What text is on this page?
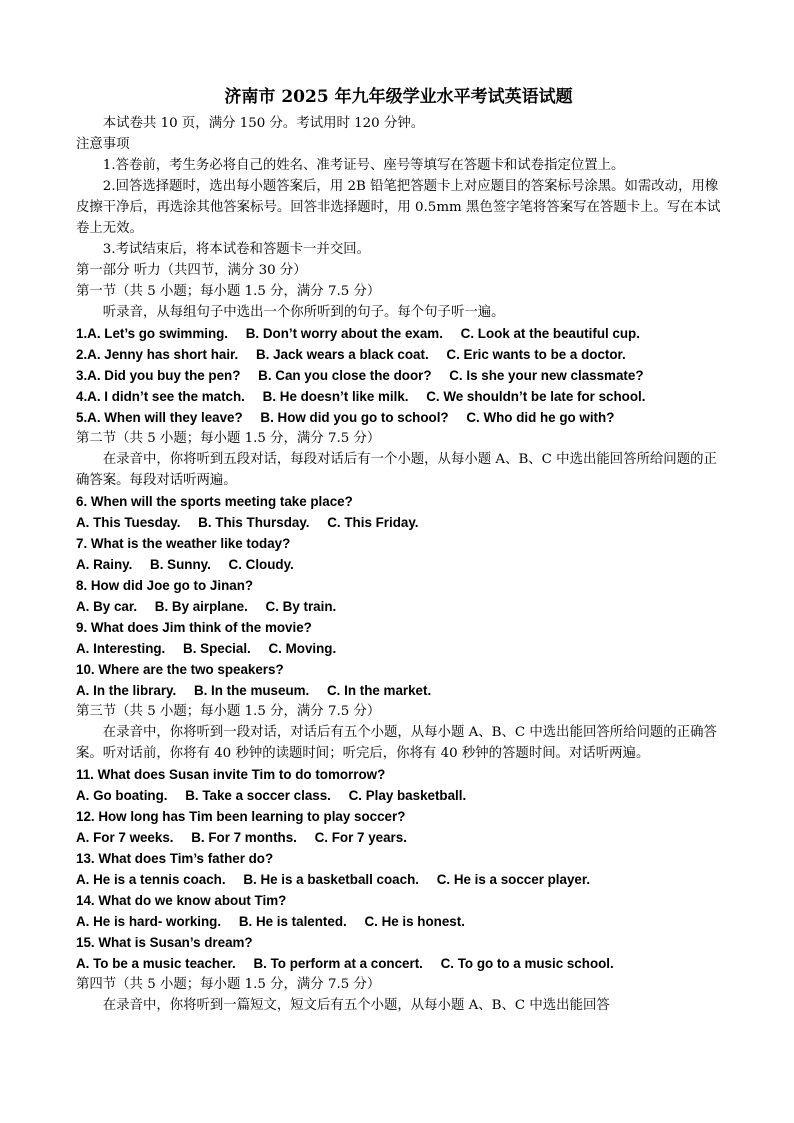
济南市 2025 年九年级学业水平考试英语试题
本试卷共 10 页，满分 150 分。考试用时 120 分钟。
注意事项
1.答卷前，考生务必将自己的姓名、准考证号、座号等填写在答题卡和试卷指定位置上。
2.回答选择题时，选出每小题答案后，用 2B 铅笔把答题卡上对应题目的答案标号涂黑。如需改动，用橡皮擦干净后，再选涂其他答案标号。回答非选择题时，用 0.5mm 黑色签字笔将答案写在答题卡上。写在本试卷上无效。
3.考试结束后，将本试卷和答题卡一并交回。
第一部分 听力（共四节，满分 30 分）
第一节（共 5 小题；每小题 1.5 分，满分 7.5 分）
听录音，从每组句子中选出一个你所听到的句子。每个句子听一遍。
1.A. Let’s go swimming. B. Don’t worry about the exam. C. Look at the beautiful cup.
2.A. Jenny has short hair. B. Jack wears a black coat. C. Eric wants to be a doctor.
3.A. Did you buy the pen? B. Can you close the door? C. Is she your new classmate?
4.A. I didn’t see the match. B. He doesn’t like milk. C. We shouldn’t be late for school.
5.A. When will they leave? B. How did you go to school? C. Who did he go with?
第二节（共 5 小题；每小题 1.5 分，满分 7.5 分）
在录音中，你将听到五段对话，每段对话后有一个小题，从每小题 A、B、C 中选出能回答所给问题的正确答案。每段对话听两遍。
6. When will the sports meeting take place?
A. This Tuesday. B. This Thursday. C. This Friday.
7. What is the weather like today?
A. Rainy. B. Sunny. C. Cloudy.
8. How did Joe go to Jinan?
A. By car. B. By airplane. C. By train.
9. What does Jim think of the movie?
A. Interesting. B. Special. C. Moving.
10. Where are the two speakers?
A. In the library. B. In the museum. C. In the market.
第三节（共 5 小题；每小题 1.5 分，满分 7.5 分）
在录音中，你将听到一段对话，对话后有五个小题，从每小题 A、B、C 中选出能回答所给问题的正确答案。听对话前，你将有 40 秒钟的读题时间；听完后，你将有 40 秒钟的答题时间。对话听两遍。
11. What does Susan invite Tim to do tomorrow?
A. Go boating. B. Take a soccer class. C. Play basketball.
12. How long has Tim been learning to play soccer?
A. For 7 weeks. B. For 7 months. C. For 7 years.
13. What does Tim’s father do?
A. He is a tennis coach. B. He is a basketball coach. C. He is a soccer player.
14. What do we know about Tim?
A. He is hard- working. B. He is talented. C. He is honest.
15. What is Susan’s dream?
A. To be a music teacher. B. To perform at a concert. C. To go to a music school.
第四节（共 5 小题；每小题 1.5 分，满分 7.5 分）
在录音中，你将听到一篇短文，短文后有五个小题，从每小题 A、B、C 中选出能回答
